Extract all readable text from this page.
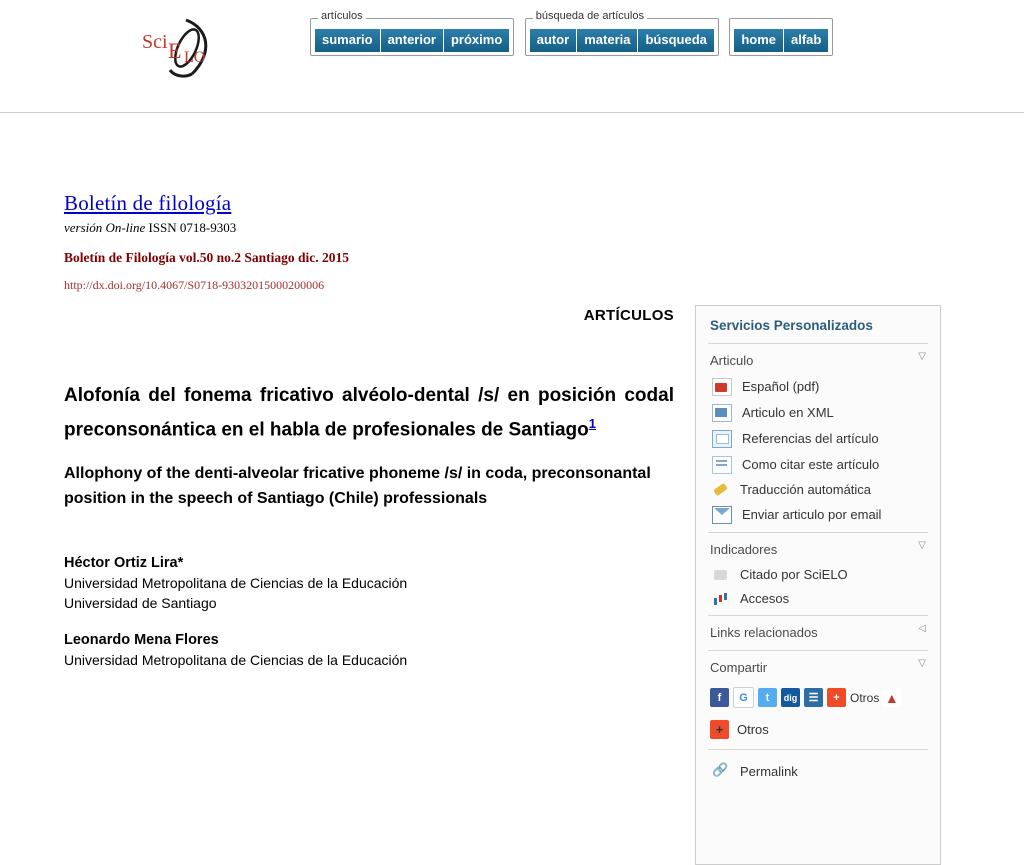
Sci E LO
artículos
sumario	anterior	próximo

búsqueda de artículos
autor	materia	búsqueda
	home	alfab
Boletín de filología
versión On-line ISSN 0718-9303
Boletín de Filología vol.50 no.2 Santiago dic. 2015
http://dx.doi.org/10.4067/S0718-93032015000200006
ARTÍCULOS
Alofonía del fonema fricativo alvéolo-dental /s/ en posición codal preconsonántica en el habla de profesionales de Santiago$^1$
Allophony of the denti-alveolar fricative phoneme /s/ in coda, preconsonantal position in the speech of Santiago (Chile) professionals
Héctor Ortiz Lira*
Universidad Metropolitana de Ciencias de la Educación
Universidad de Santiago
Leonardo Mena Flores
Universidad Metropolitana de Ciencias de la Educación
Servicios Personalizados
Articulo	▽
Español (pdf)
Articulo en XML
Referencias del artículo
Como citar este artículo
Traducción automática
Enviar articulo por email
Indicadores	▽
Citado por SciELO
Accesos
Links relacionados	◁
Compartir	▽
f	G	t	dig	☰	+ Otros ▲
+	Otros
🔗
Permalink
